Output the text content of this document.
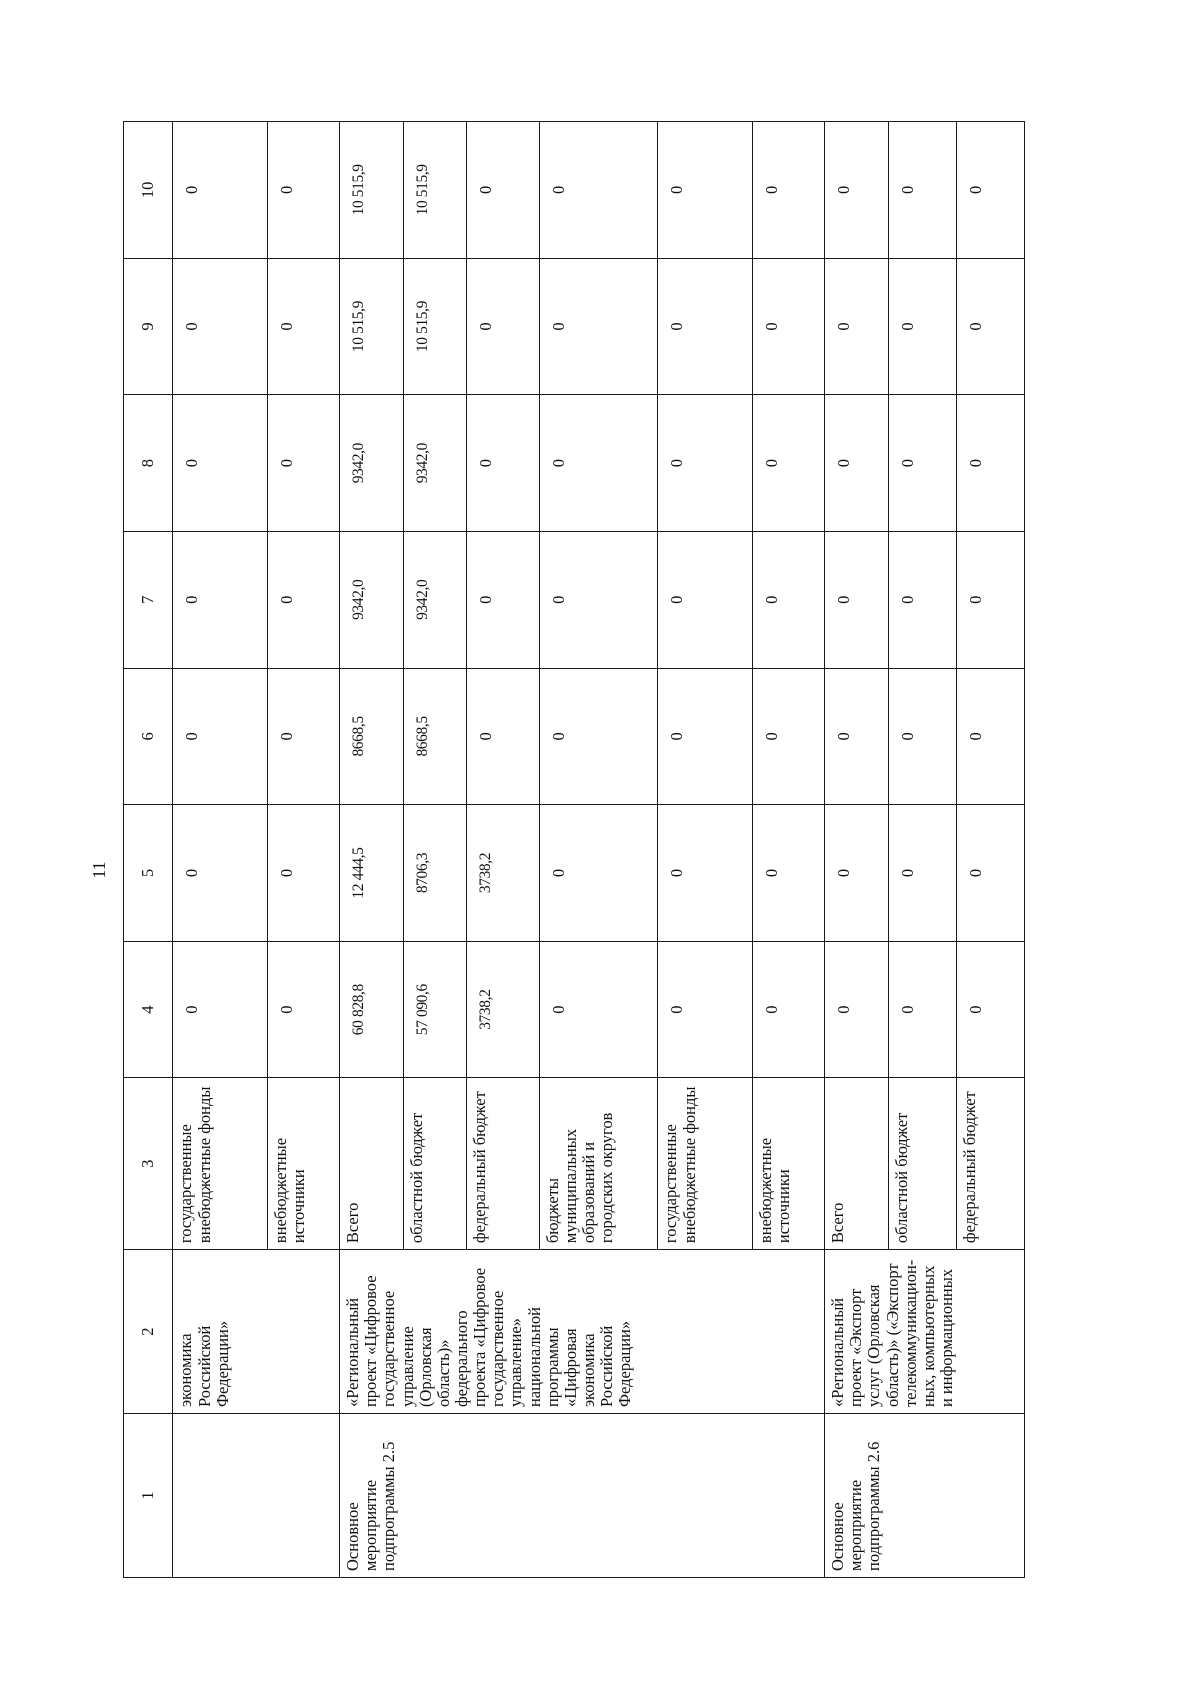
11
1	2	3	4	5	6	7	8	9	10
	экономика Российской Федерации»	государственные внебюджетные фонды	0	0	0	0	0	0	0
		внебюджетные источники	0	0	0	0	0	0	0
Основное мероприятие подпрограммы 2.5	«Региональный проект «Цифровое государственное управление (Орловская область)» федерального проекта «Цифровое государственное управление» национальной программы «Цифровая экономика Российской Федерации»	Всего	60 828,8	12 444,5	8668,5	9342,0	9342,0	10 515,9	10 515,9
		областной бюджет	57 090,6	8706,3	8668,5	9342,0	9342,0	10 515,9	10 515,9
		федеральный бюджет	3738,2	3738,2	0	0	0	0	0
		бюджеты муниципальных образований и городских округов	0	0	0	0	0	0	0
		государственные внебюджетные фонды	0	0	0	0	0	0	0
		внебюджетные источники	0	0	0	0	0	0	0
Основное мероприятие подпрограммы 2.6	«Региональный проект «Экспорт услуг (Орловская область)» («Экспорт телекоммуникацион-ных, компьютерных и информационных	Всего	0	0	0	0	0	0	0
		областной бюджет	0	0	0	0	0	0	0
		федеральный бюджет	0	0	0	0	0	0	0
